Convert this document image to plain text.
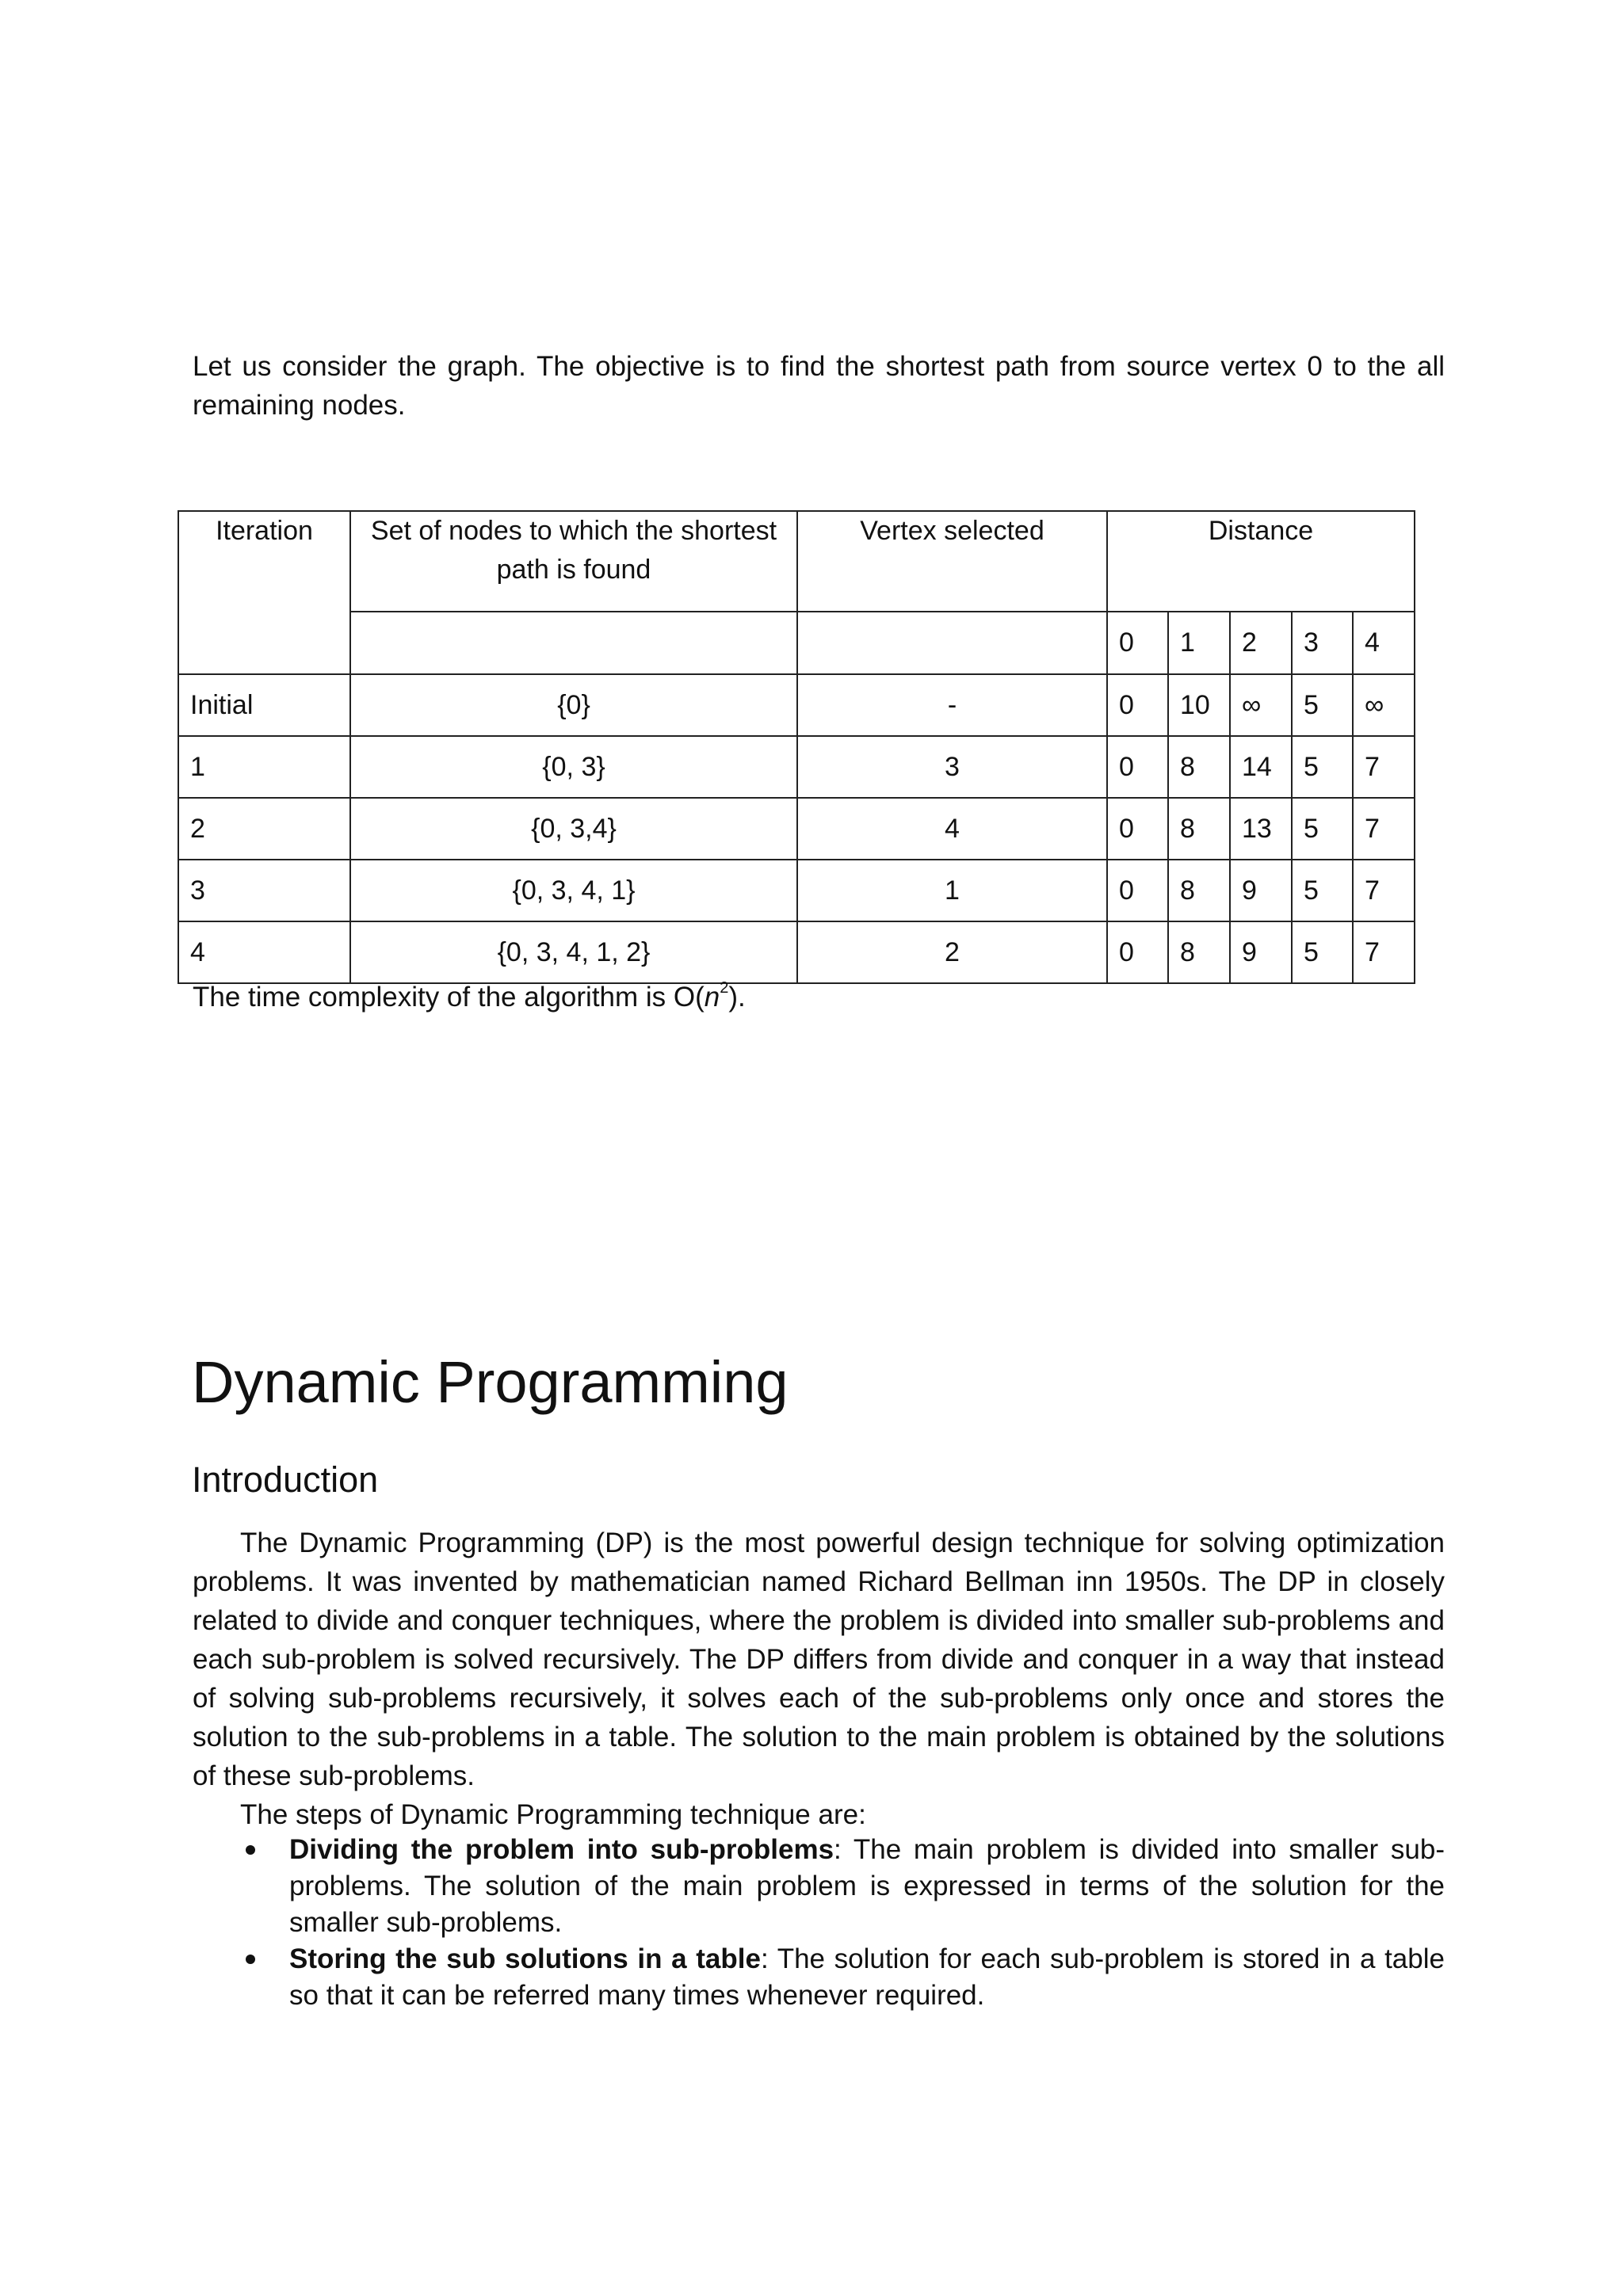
Let us consider the graph. The objective is to find the shortest path from source vertex 0 to the all remaining nodes.

Iteration	Set of nodes to which the shortest path is found	Vertex selected	Distance				
			0	1	2	3	4
Initial	{0}	-	0	10	∞	5	∞
1	{0, 3}	3	0	8	14	5	7
2	{0, 3,4}	4	0	8	13	5	7
3	{0, 3, 4, 1}	1	0	8	9	5	7
4	{0, 3, 4, 1, 2}	2	0	8	9	5	7

The time complexity of the algorithm is $O(n^2)$.

Dynamic Programming
Introduction

The Dynamic Programming (DP) is the most powerful design technique for solving optimization problems. It was invented by mathematician named Richard Bellman inn 1950s. The DP in closely related to divide and conquer techniques, where the problem is divided into smaller sub-problems and each sub-problem is solved recursively. The DP differs from divide and conquer in a way that instead of solving sub-problems recursively, it solves each of the sub-problems only once and stores the solution to the sub-problems in a table. The solution to the main problem is obtained by the solutions of these sub-problems.

The steps of Dynamic Programming technique are:

Dividing the problem into sub-problems: The main problem is divided into smaller sub-problems. The solution of the main problem is expressed in terms of the solution for the smaller sub-problems.
Storing the sub solutions in a table: The solution for each sub-problem is stored in a table so that it can be referred many times whenever required.
